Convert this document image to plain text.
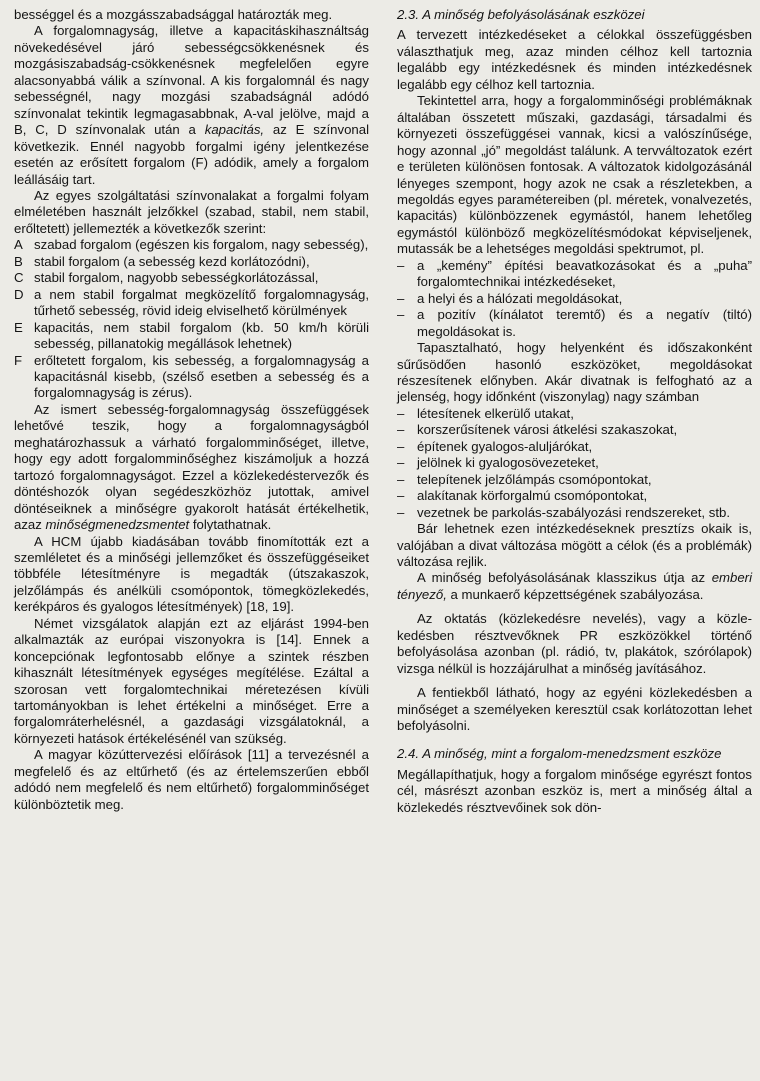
bességgel és a mozgásszabadsággal határozták meg.

A forgalomnagyság, illetve a kapacitáskihasználtság növekedésével járó sebességcsökkenésnek és mozgásiszabadság-csökkenésnek megfelelően egyre alacsonyabbá válik a színvonal. A kis forgalomnál és nagy sebességnél, nagy mozgási szabadságnál adódó színvonalat tekintik legmagasabbnak, A-val jelölve, majd a B, C, D színvonalak után a kapacitás, az E színvonal következik. Ennél nagyobb forgalmi igény jelentkezése esetén az erősített forgalom (F) adódik, amely a forgalom leállásáig tart.

Az egyes szolgáltatási színvonalakat a forgalmi folyam elméletében használt jelzőkkel (szabad, stabil, nem stabil, erőltetett) jellemezték a következők szerint:

A szabad forgalom (egészen kis forgalom, nagy sebesség),
B stabil forgalom (a sebesség kezd korlátozódni),
C stabil forgalom, nagyobb sebességkorlátozással,
D a nem stabil forgalmat megközelítő forgalomnagyság, tűrhető sebesség, rövid ideig elviselhető körülmények
E kapacitás, nem stabil forgalom (kb. 50 km/h körüli sebesség, pillanatokig megállások lehetnek)
F erőltetett forgalom, kis sebesség, a forgalomnagyság a kapacitásnál kisebb, (szélső esetben a sebesség és a forgalomnagyság is zérus).

Az ismert sebesség-forgalomnagyság összefüggések lehetővé teszik, hogy a forgalomnagyságból meghatározhassuk a várható forgalomminőséget, illetve, hogy egy adott forgalomminőséghez kiszámoljuk a hozzá tartozó forgalomnagyságot. Ezzel a közlekedéstervezők és döntéshozók olyan segédeszközhöz jutottak, amivel döntéseiknek a minőségre gyakorolt hatását értékelhetik, azaz minőségmenedzsmentet folytathatnak.

A HCM újabb kiadásában tovább finomították ezt a szemléletet és a minőségi jellemzőket és összefüggéseiket többféle létesítményre is megadták (útszakaszok, jelzőlámpás és anélküli csomópontok, tömegközlekedés, kerékpáros és gyalogos létesítmények) [18, 19].

Német vizsgálatok alapján ezt az eljárást 1994-ben alkalmazták az európai viszonyokra is [14]. Ennek a koncepciónak legfontosabb előnye a szintek részben kihasznált létesítmények egységes megítélése. Ezáltal a szorosan vett forgalomtechnikai méretezésen kívüli tartományokban is lehet értékelni a minőséget. Erre a forgalomráterhelésnél, a gazdasági vizsgálatoknál, a környezeti hatások értékelésénél van szükség.

A magyar közúttervezési előírások [11] a tervezésnél a megfelelő és az eltűrhető (és az értelemszerűen ebből adódó nem megfelelő és nem eltűrhető) forgalomminőséget különböztetik meg.

2.3. A minőség befolyásolásának eszközei

A tervezett intézkedéseket a célokkal összefüggésben választhatjuk meg, azaz minden célhoz kell tartoznia legalább egy intézkedésnek és minden intézkedésnek legalább egy célhoz kell tartoznia.

Tekintettel arra, hogy a forgalomminőségi problémáknak általában összetett műszaki, gazdasági, társadalmi és környezeti összefüggései vannak, kicsi a valószínűsége, hogy azonnal „jó” megoldást találunk. A tervváltozatok ezért e területen különösen fontosak. A változatok kidolgozásánál lényeges szempont, hogy azok ne csak a részletekben, a megoldás egyes paramétereiben (pl. méretek, vonalvezetés, kapacitás) különbözzenek egymástól, hanem lehetőleg egymástól különböző megközelítésmódokat képviseljenek, mutassák be a lehetséges megoldási spektrumot, pl.

– a „kemény” építési beavatkozásokat és a „puha” forgalomtechnikai intézkedéseket,
– a helyi és a hálózati megoldásokat,
– a pozitív (kínálatot teremtő) és a negatív (tiltó) megoldásokat is.

Tapasztalható, hogy helyenként és időszakonként sűrűsödően hasonló eszközöket, megoldásokat részesítenek előnyben. Akár divatnak is felfogható az a jelenség, hogy időnként (viszonylag) nagy számban

– létesítenek elkerülő utakat,
– korszerűsítenek városi átkelési szakaszokat,
– építenek gyalogos-aluljárókat,
– jelölnek ki gyalogosövezeteket,
– telepítenek jelzőlámpás csomópontokat,
– alakítanak körforgalmú csomópontokat,
– vezetnek be parkolás-szabályozási rendszereket, stb.

Bár lehetnek ezen intézkedéseknek presztízs okaik is, valójában a divat változása mögött a célok (és a problémák) változása rejlik.

A minőség befolyásolásának klasszikus útja az emberi tényező, a munkaerő képzettségének szabályozása.

Az oktatás (közlekedésre nevelés), vagy a közlekedésben résztvevőknek PR eszközökkel történő befolyásolása azonban (pl. rádió, tv, plakátok, szórólapok) vizsga nélkül is hozzájárulhat a minőség javításához.

A fentiekből látható, hogy az egyéni közlekedésben a minőséget a személyeken keresztül csak korlátozottan lehet befolyásolni.

2.4. A minőség, mint a forgalom-menedzsment eszköze

Megállapíthatjuk, hogy a forgalom minősége egyrészt fontos cél, másrészt azonban eszköz is, mert a minőség által a közlekedés résztvevőinek sok dön-
